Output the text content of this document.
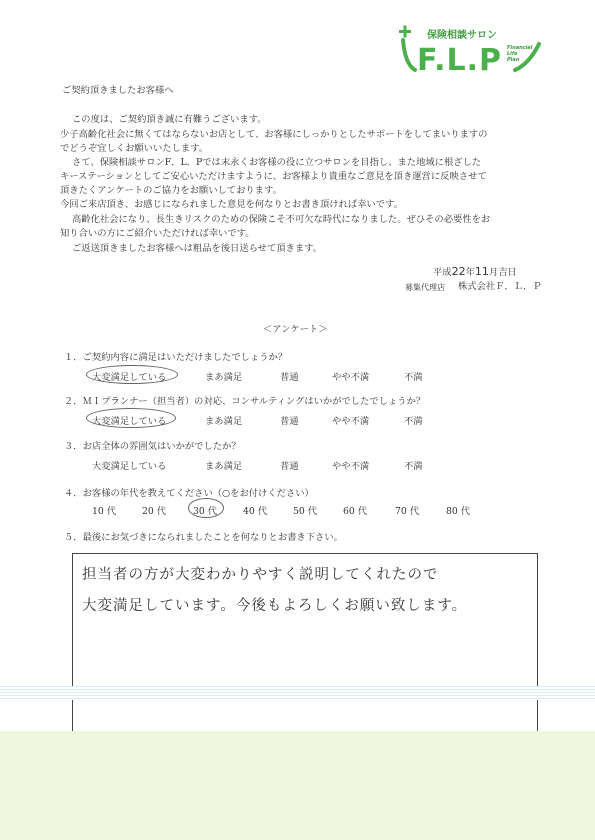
保険相談サロン
F.L.P Financial
Life
Plan
ご契約頂きましたお客様へ
この度は、ご契約頂き誠に有難うございます。
少子高齢化社会に無くてはならないお店として、お客様にしっかりとしたサポートをしてまいりますの
でどうぞ宜しくお願いいたします。
さて、保険相談サロンF．L．Pでは末永くお客様の役に立つサロンを目指し、また地域に根ざした
キーステーションとしてご安心いただけますように、お客様より貴重なご意見を頂き運営に反映させて
頂きたくアンケートのご協力をお願いしております。
今回ご来店頂き、お感じになられました意見を何なりとお書き頂ければ幸いです。
高齢化社会になり、長生きリスクのための保険こそ不可欠な時代になりました。ぜひその必要性をお
知り合いの方にご紹介いただければ幸いです。
ご返送頂きましたお客様へは粗品を後日送らせて頂きます。
平成22年11月吉日
募集代理店 株式会社Ｆ．Ｌ．Ｐ
＜アンケート＞
１．ご契約内容に満足はいただけましたでしょうか？
大変満足している	まあ満足	普通	やや不満	不満
２．ＭＩプランナー（担当者）の対応、コンサルティングはいかがでしたでしょうか？
大変満足している	まあ満足	普通	やや不満	不満
３．お店全体の雰囲気はいかがでしたか？
大変満足している	まあ満足	普通	やや不満	不満
４．お客様の年代を教えてください（○をお付けください）
10 代	20 代	30 代	40 代	50 代	60 代	70 代	80 代
５．最後にお気づきになられましたことを何なりとお書き下さい。
担当者の方が大変わかりやすく説明してくれたので
大変満足しています。今後もよろしくお願い致します。
